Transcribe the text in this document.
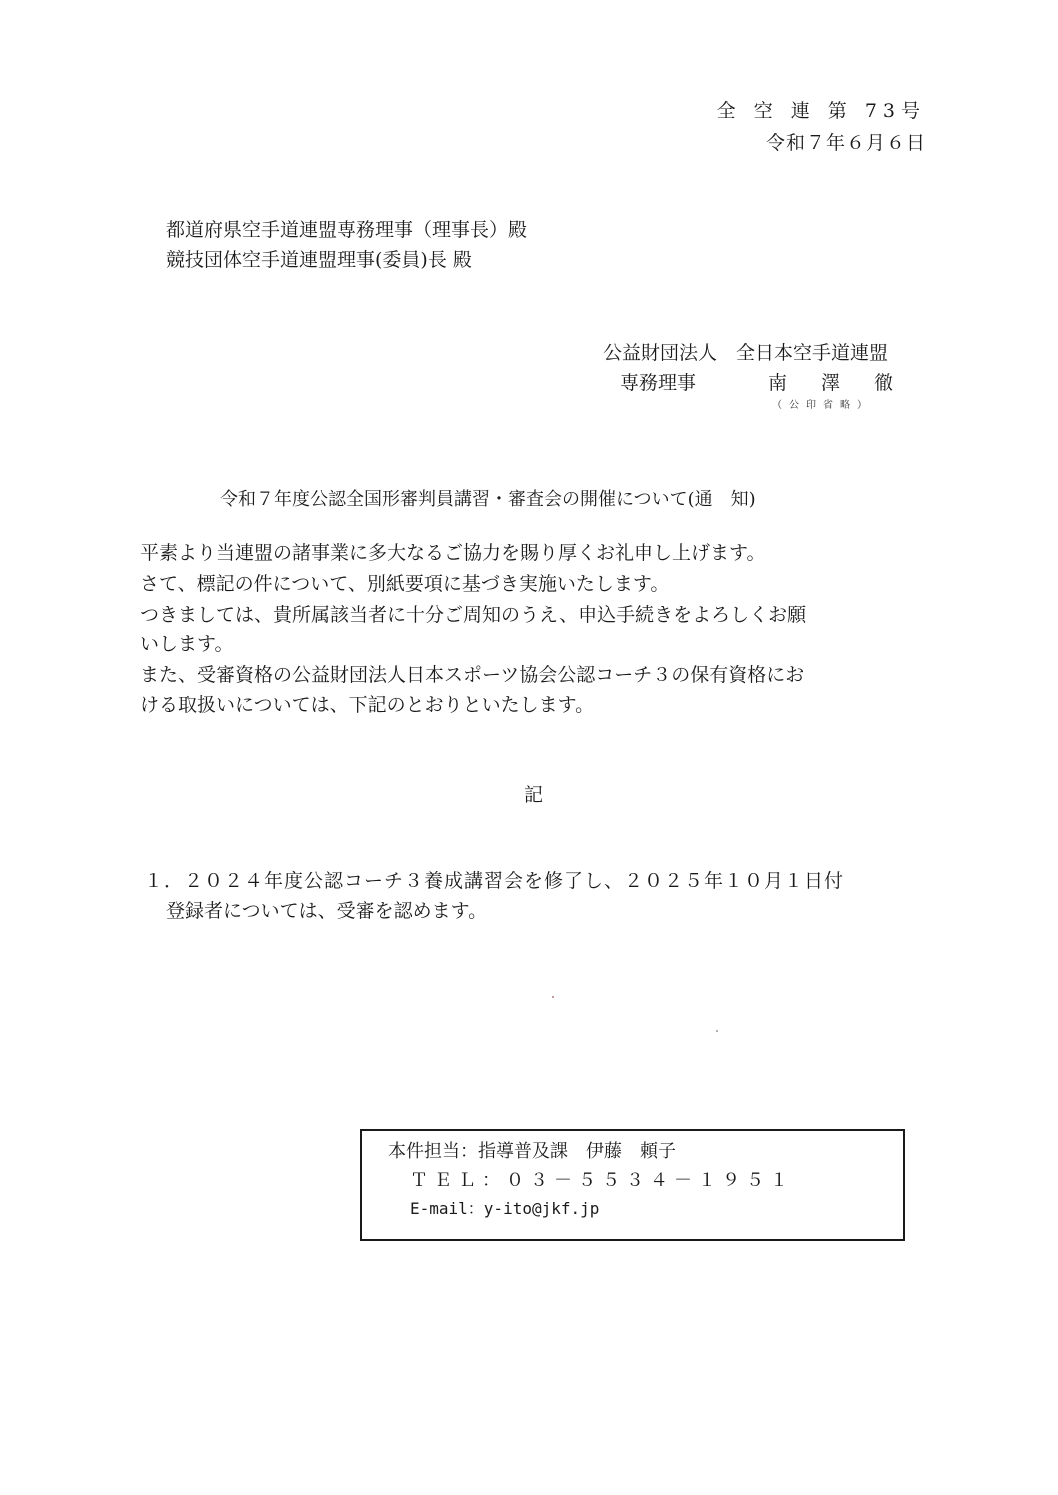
全 空 連 第 73号
令和７年６月６日
都道府県空手道連盟専務理事（理事長）殿
競技団体空手道連盟理事(委員)長 殿
公益財団法人　全日本空手道連盟
専務理事	南 澤 徹
（公印省略）
令和７年度公認全国形審判員講習・審査会の開催について(通　知)
平素より当連盟の諸事業に多大なるご協力を賜り厚くお礼申し上げます。
さて、標記の件について、別紙要項に基づき実施いたします。
つきましては、貴所属該当者に十分ご周知のうえ、申込手続きをよろしくお願
いします。
また、受審資格の公益財団法人日本スポーツ協会公認コーチ３の保有資格にお
ける取扱いについては、下記のとおりといたします。
記
１．２０２４年度公認コーチ３養成講習会を修了し、２０２５年１０月１日付
登録者については、受審を認めます。
本件担当：指導普及課　伊藤　頼子
ＴＥＬ：０３－５５３４－１９５１
E-mail：y-ito@jkf.jp
